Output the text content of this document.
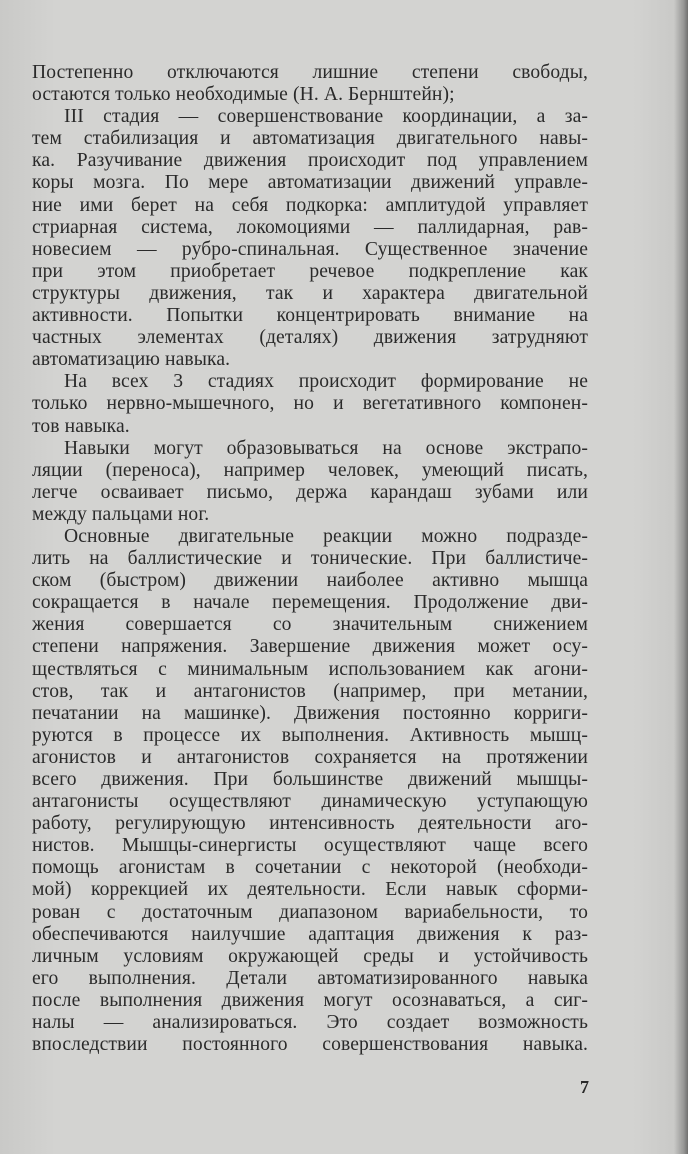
Постепенно отключаются лишние степени свободы,
остаются только необходимые (Н. А. Бернштейн);
III стадия — совершенствование координации, а за-
тем стабилизация и автоматизация двигательного навы-
ка. Разучивание движения происходит под управлением
коры мозга. По мере автоматизации движений управле-
ние ими берет на себя подкорка: амплитудой управляет
стриарная система, локомоциями — паллидарная, рав-
новесием — рубро-спинальная. Существенное значение
при этом приобретает речевое подкрепление как
структуры движения, так и характера двигательной
активности. Попытки концентрировать внимание на
частных элементах (деталях) движения затрудняют
автоматизацию навыка.
На всех 3 стадиях происходит формирование не
только нервно-мышечного, но и вегетативного компонен-
тов навыка.
Навыки могут образовываться на основе экстрапо-
ляции (переноса), например человек, умеющий писать,
легче осваивает письмо, держа карандаш зубами или
между пальцами ног.
Основные двигательные реакции можно подразде-
лить на баллистические и тонические. При баллистиче-
ском (быстром) движении наиболее активно мышца
сокращается в начале перемещения. Продолжение дви-
жения совершается со значительным снижением
степени напряжения. Завершение движения может осу-
ществляться с минимальным использованием как агони-
стов, так и антагонистов (например, при метании,
печатании на машинке). Движения постоянно корриги-
руются в процессе их выполнения. Активность мышц-
агонистов и антагонистов сохраняется на протяжении
всего движения. При большинстве движений мышцы-
антагонисты осуществляют динамическую уступающую
работу, регулирующую интенсивность деятельности аго-
нистов. Мышцы-синергисты осуществляют чаще всего
помощь агонистам в сочетании с некоторой (необходи-
мой) коррекцией их деятельности. Если навык сформи-
рован с достаточным диапазоном вариабельности, то
обеспечиваются наилучшие адаптация движения к раз-
личным условиям окружающей среды и устойчивость
его выполнения. Детали автоматизированного навыка
после выполнения движения могут осознаваться, а сиг-
налы — анализироваться. Это создает возможность
впоследствии постоянного совершенствования навыка.
7
